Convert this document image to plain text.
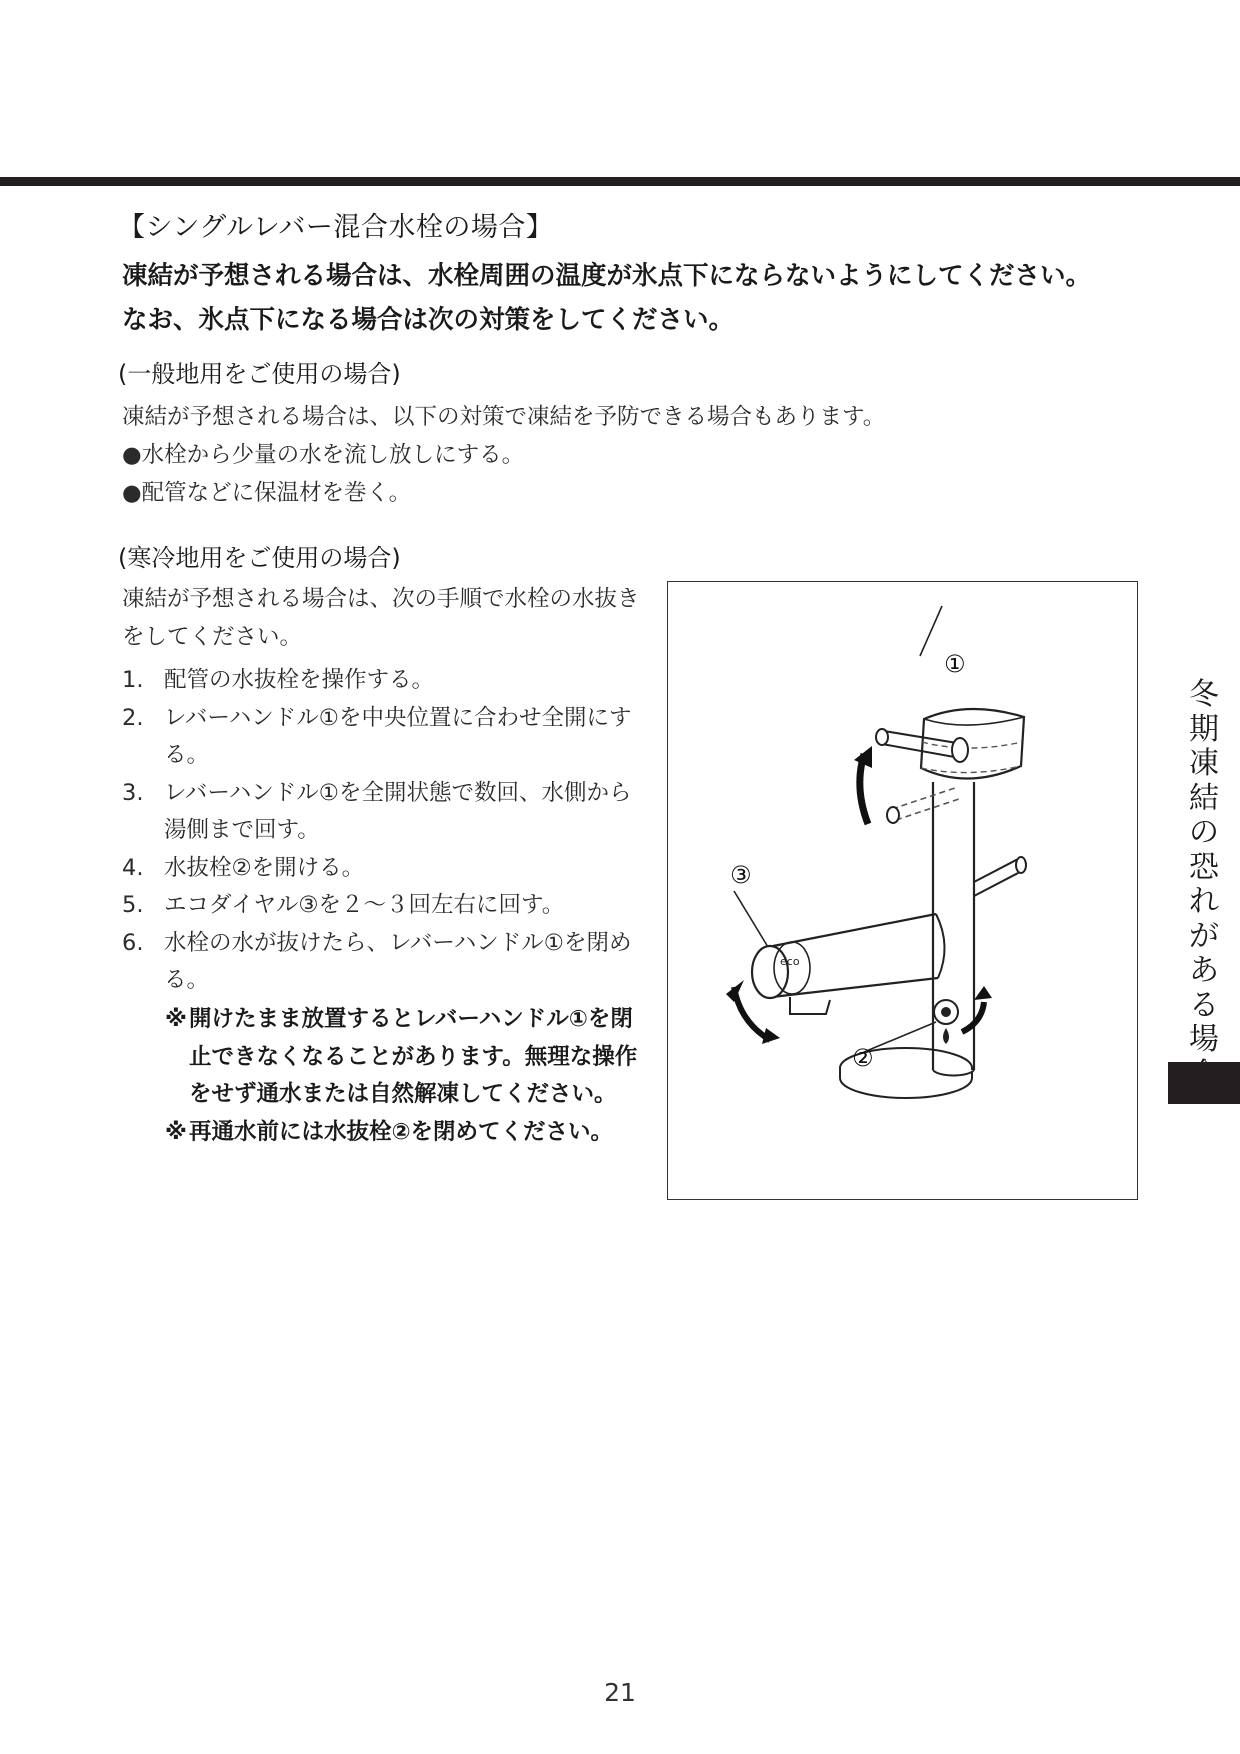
【シングルレバー混合水栓の場合】
凍結が予想される場合は、水栓周囲の温度が氷点下にならないようにしてください。
なお、氷点下になる場合は次の対策をしてください。
(一般地用をご使用の場合)
凍結が予想される場合は、以下の対策で凍結を予防できる場合もあります。
●水栓から少量の水を流し放しにする。
●配管などに保温材を巻く。
(寒冷地用をご使用の場合)
凍結が予想される場合は、次の手順で水栓の水抜きをしてください。
1. 配管の水抜栓を操作する。
2. レバーハンドル①を中央位置に合わせ全開にする。
3. レバーハンドル①を全開状態で数回、水側から湯側まで回す。
4. 水抜栓②を開ける。
5. エコダイヤル③を２～３回左右に回す。
6. 水栓の水が抜けたら、レバーハンドル①を閉める。
※ 開けたまま放置するとレバーハンドル①を閉止できなくなることがあります。無理な操作をせず通水または自然解凍してください。
※ 再通水前には水抜栓②を閉めてください。
eco
①
③
②
冬
期
凍
結
の
恐
れ
が
あ
る
場
21
